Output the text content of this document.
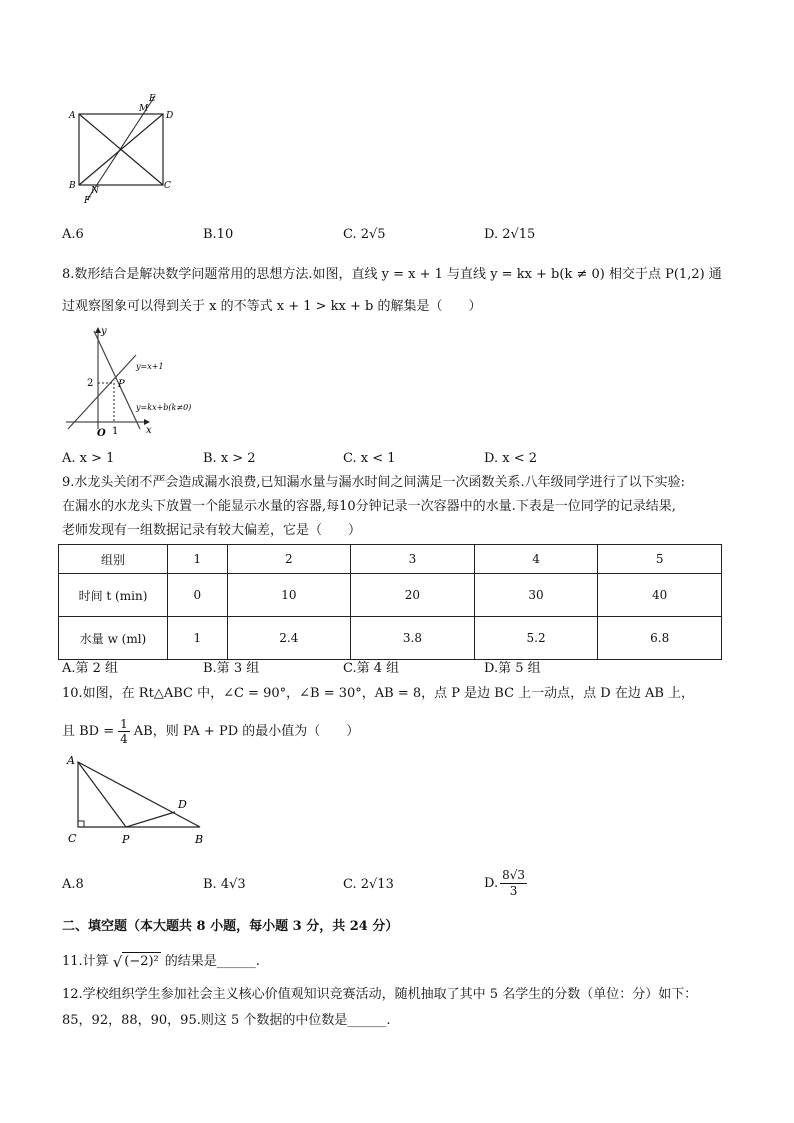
A	D
B	C
M
E
N
F
A.6	B.10	C. 2√5	D. 2√15
8.数形结合是解决数学问题常用的思想方法.如图，直线 y = x + 1 与直线 y = kx + b(k ≠ 0) 相交于点 P(1,2) 通
过观察图象可以得到关于 x 的不等式 x + 1 > kx + b 的解集是（　　）
y
x
O
2
1
P
y=x+1
y=kx+b(k≠0)
A. x > 1	B. x > 2	C. x < 1	D. x < 2
9.水龙头关闭不严会造成漏水浪费,已知漏水量与漏水时间之间满足一次函数关系.八年级同学进行了以下实验:
在漏水的水龙头下放置一个能显示水量的容器,每10分钟记录一次容器中的水量.下表是一位同学的记录结果,
老师发现有一组数据记录有较大偏差，它是（　　）
组别	1	2	3	4	5
时间 t (min)	0	10	20	30	40
水量 w (ml)	1	2.4	3.8	5.2	6.8
A.第 2 组	B.第 3 组	C.第 4 组	D.第 5 组
10.如图，在 Rt△ABC 中，∠C = 90°，∠B = 30°，AB = 8，点 P 是边 BC 上一动点，点 D 在边 AB 上，
且 BD = $\frac{1}{4}$ AB，则 PA + PD 的最小值为（　　）
A
C	P	B
D
A.8	B. 4√3	C. 2√13	D. $\frac{8√3}{3}$
二、填空题（本大题共 8 小题，每小题 3 分，共 24 分）
11.计算 √ (−2)² 的结果是______.
12.学校组织学生参加社会主义核心价值观知识竞赛活动，随机抽取了其中 5 名学生的分数（单位：分）如下：
85，92，88，90，95.则这 5 个数据的中位数是______.
